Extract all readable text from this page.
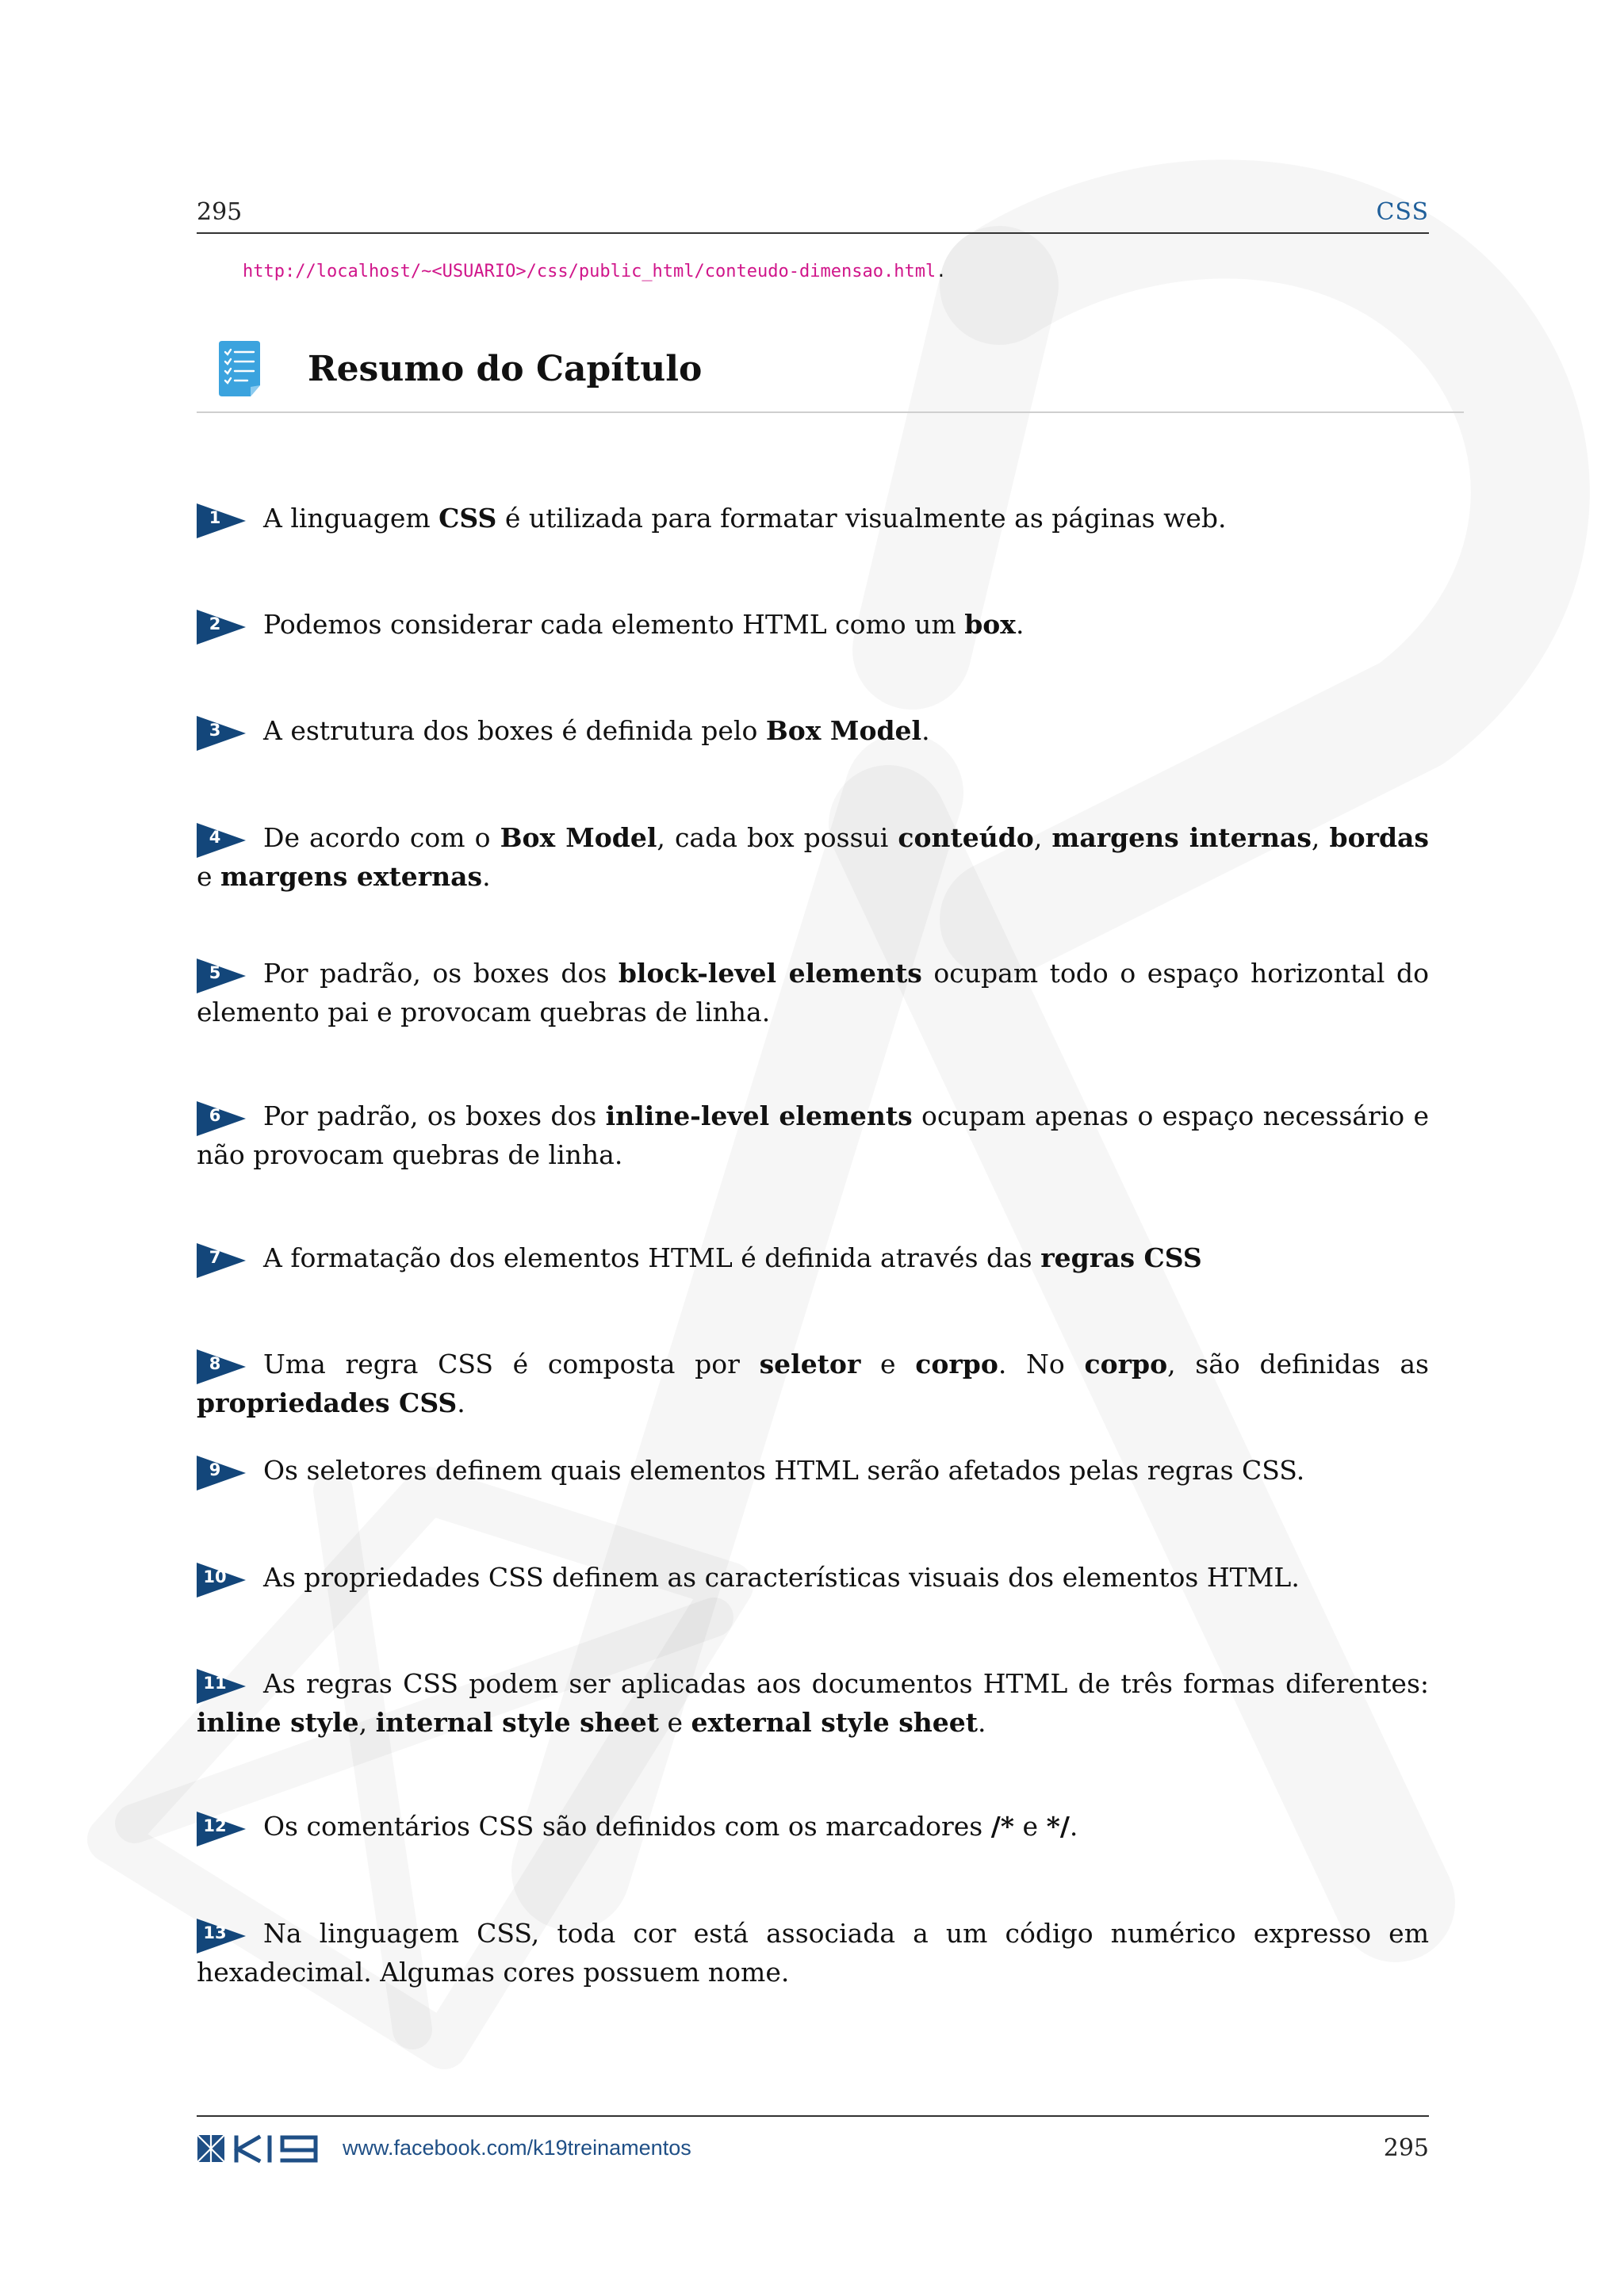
295	CSS
http://localhost/~<USUARIO>/css/public_html/conteudo-dimensao.html.
Resumo do Capítulo
1	A linguagem CSS é utilizada para formatar visualmente as páginas web.
2	Podemos considerar cada elemento HTML como um box.
3	A estrutura dos boxes é definida pelo Box Model.
4	De acordo com o Box Model, cada box possui conteúdo, margens internas, bordas e margens externas.
5	Por padrão, os boxes dos block-level elements ocupam todo o espaço horizontal do elemento pai e provocam quebras de linha.
6	Por padrão, os boxes dos inline-level elements ocupam apenas o espaço necessário e não provocam quebras de linha.
7	A formatação dos elementos HTML é definida através das regras CSS
8	Uma regra CSS é composta por seletor e corpo. No corpo, são definidas as propriedades CSS.
9	Os seletores definem quais elementos HTML serão afetados pelas regras CSS.
10 As propriedades CSS definem as características visuais dos elementos HTML.
11 As regras CSS podem ser aplicadas aos documentos HTML de três formas diferentes: inline style, internal style sheet e external style sheet.
12 Os comentários CSS são definidos com os marcadores /* e */.
13 Na linguagem CSS, toda cor está associada a um código numérico expresso em hexadecimal. Algumas cores possuem nome.
K19
www.facebook.com/k19treinamentos	295
